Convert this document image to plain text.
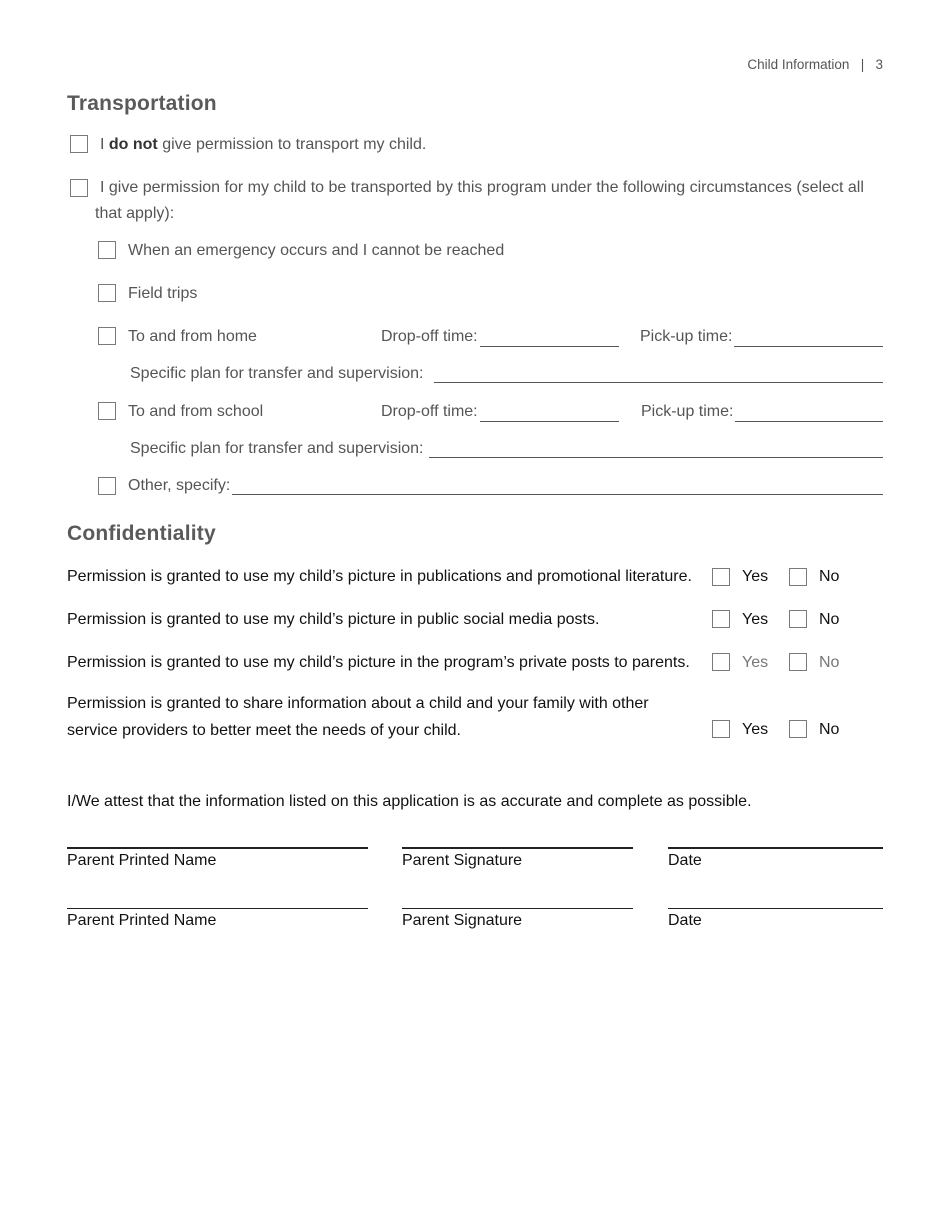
Child Information | 3
Transportation
I do not give permission to transport my child.
I give permission for my child to be transported by this program under the following circumstances (select all that apply):
When an emergency occurs and I cannot be reached
Field trips
To and from home	Drop-off time:	Pick-up time:
Specific plan for transfer and supervision:
To and from school	Drop-off time:	Pick-up time:
Specific plan for transfer and supervision:
Other, specify:
Confidentiality
Permission is granted to use my child’s picture in publications and promotional literature.	Yes	No
Permission is granted to use my child’s picture in public social media posts.	Yes	No
Permission is granted to use my child’s picture in the program’s private posts to parents.	Yes	No
Permission is granted to share information about a child and your family with other service providers to better meet the needs of your child.	Yes	No
I/We attest that the information listed on this application is as accurate and complete as possible.
Parent Printed Name	Parent Signature	Date
Parent Printed Name	Parent Signature	Date
